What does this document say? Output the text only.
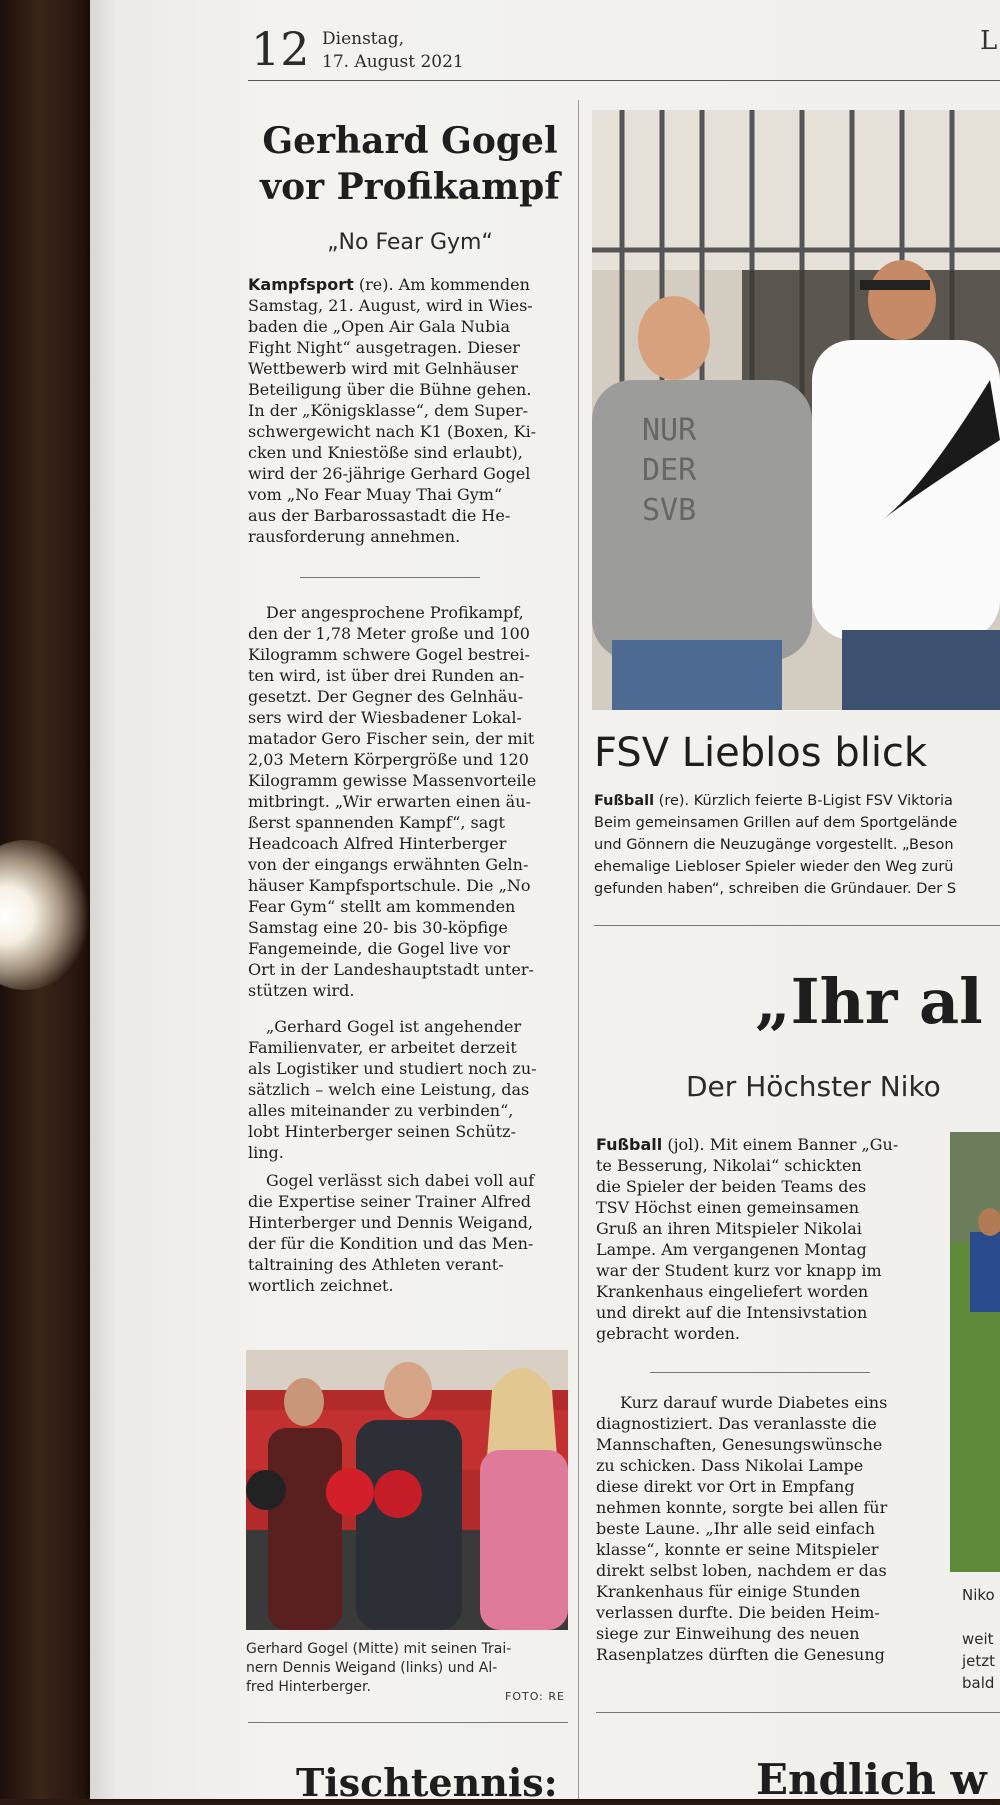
12 Dienstag,
17. August 2021
L
Gerhard Gogel
vor Profikampf
„No Fear Gym“
Kampfsport (re). Am kommenden
Samstag, 21. August, wird in Wies-
baden die „Open Air Gala Nubia
Fight Night“ ausgetragen. Dieser
Wettbewerb wird mit Gelnhäuser
Beteiligung über die Bühne gehen.
In der „Königsklasse“, dem Super-
schwergewicht nach K1 (Boxen, Ki-
cken und Kniestöße sind erlaubt),
wird der 26-jährige Gerhard Gogel
vom „No Fear Muay Thai Gym“
aus der Barbarossastadt die He-
rausforderung annehmen.
Der angesprochene Profikampf,
den der 1,78 Meter große und 100
Kilogramm schwere Gogel bestrei-
ten wird, ist über drei Runden an-
gesetzt. Der Gegner des Gelnhäu-
sers wird der Wiesbadener Lokal-
matador Gero Fischer sein, der mit
2,03 Metern Körpergröße und 120
Kilogramm gewisse Massenvorteile
mitbringt. „Wir erwarten einen äu-
ßerst spannenden Kampf“, sagt
Headcoach Alfred Hinterberger
von der eingangs erwähnten Geln-
häuser Kampfsportschule. Die „No
Fear Gym“ stellt am kommenden
Samstag eine 20- bis 30-köpfige
Fangemeinde, die Gogel live vor
Ort in der Landeshauptstadt unter-
stützen wird.
„Gerhard Gogel ist angehender
Familienvater, er arbeitet derzeit
als Logistiker und studiert noch zu-
sätzlich – welch eine Leistung, das
alles miteinander zu verbinden“,
lobt Hinterberger seinen Schütz-
ling.
Gogel verlässt sich dabei voll auf
die Expertise seiner Trainer Alfred
Hinterberger und Dennis Weigand,
der für die Kondition und das Men-
taltraining des Athleten verant-
wortlich zeichnet.
Gerhard Gogel (Mitte) mit seinen Trai-
nern Dennis Weigand (links) und Al-
fred Hinterberger.
FOTO: RE
Tischtennis:
NUR
DER
SVB
FSV Lieblos blick
Fußball (re). Kürzlich feierte B-Ligist FSV Viktoria
Beim gemeinsamen Grillen auf dem Sportgelände
und Gönnern die Neuzugänge vorgestellt. „Beson
ehemalige Liebloser Spieler wieder den Weg zurü
gefunden haben“, schreiben die Gründauer. Der S
„Ihr al
Der Höchster Niko
Fußball (jol). Mit einem Banner „Gu-
te Besserung, Nikolai“ schickten
die Spieler der beiden Teams des
TSV Höchst einen gemeinsamen
Gruß an ihren Mitspieler Nikolai
Lampe. Am vergangenen Montag
war der Student kurz vor knapp im
Krankenhaus eingeliefert worden
und direkt auf die Intensivstation
gebracht worden.
Kurz darauf wurde Diabetes eins
diagnostiziert. Das veranlasste die
Mannschaften, Genesungswünsche
zu schicken. Dass Nikolai Lampe
diese direkt vor Ort in Empfang
nehmen konnte, sorgte bei allen für
beste Laune. „Ihr alle seid einfach
klasse“, konnte er seine Mitspieler
direkt selbst loben, nachdem er das
Krankenhaus für einige Stunden
verlassen durfte. Die beiden Heim-
siege zur Einweihung des neuen
Rasenplatzes dürften die Genesung
Niko
weit
jetzt
bald
Endlich w
